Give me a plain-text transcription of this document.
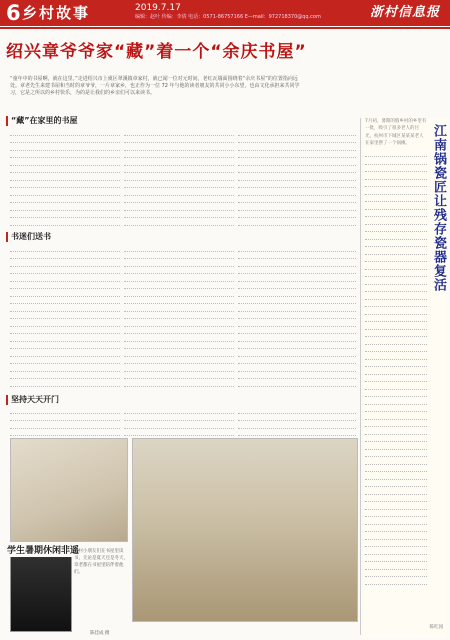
6 乡村故事	2019.7.17
编辑：赵叶 传编：李倩 电话：0571-86757166 E—mail：972718370@qq.com	浙村信息报
绍兴章爷爷家“藏”着一个“余庆书屋”
“童年中的书屋啊，就在这里。”走进绍兴市上虞区翠溪镇章家村，就已闻一位对元时间，老红瓦墙面围绕着“余庆书屋”的位置指向远处。章老先生来建书屋和当时的章爷爷，一片章家乡，也正作为一位 72 年与他的读者朋友的共同小小东望，也由文化承担来共同学习，它是之所以的乡村快乐，为的是让我们的乡亲们可以来读书。
“藏”在家里的书屋
书迷们送书
坚持天天开门
学生暑期休闲非遥
本村小朋友们在书屋里读书，无论是夏天还是冬天，章老都在书屋里陪伴着他们。
陈佳成 摄
7月初，暑期的假乡村的乡里有一批，吸引了很多老人的目光，杭州市下城区某某某老人在家里摆了一个锅摊。	江南锅瓷匠让残存瓷器复活
陈红园
